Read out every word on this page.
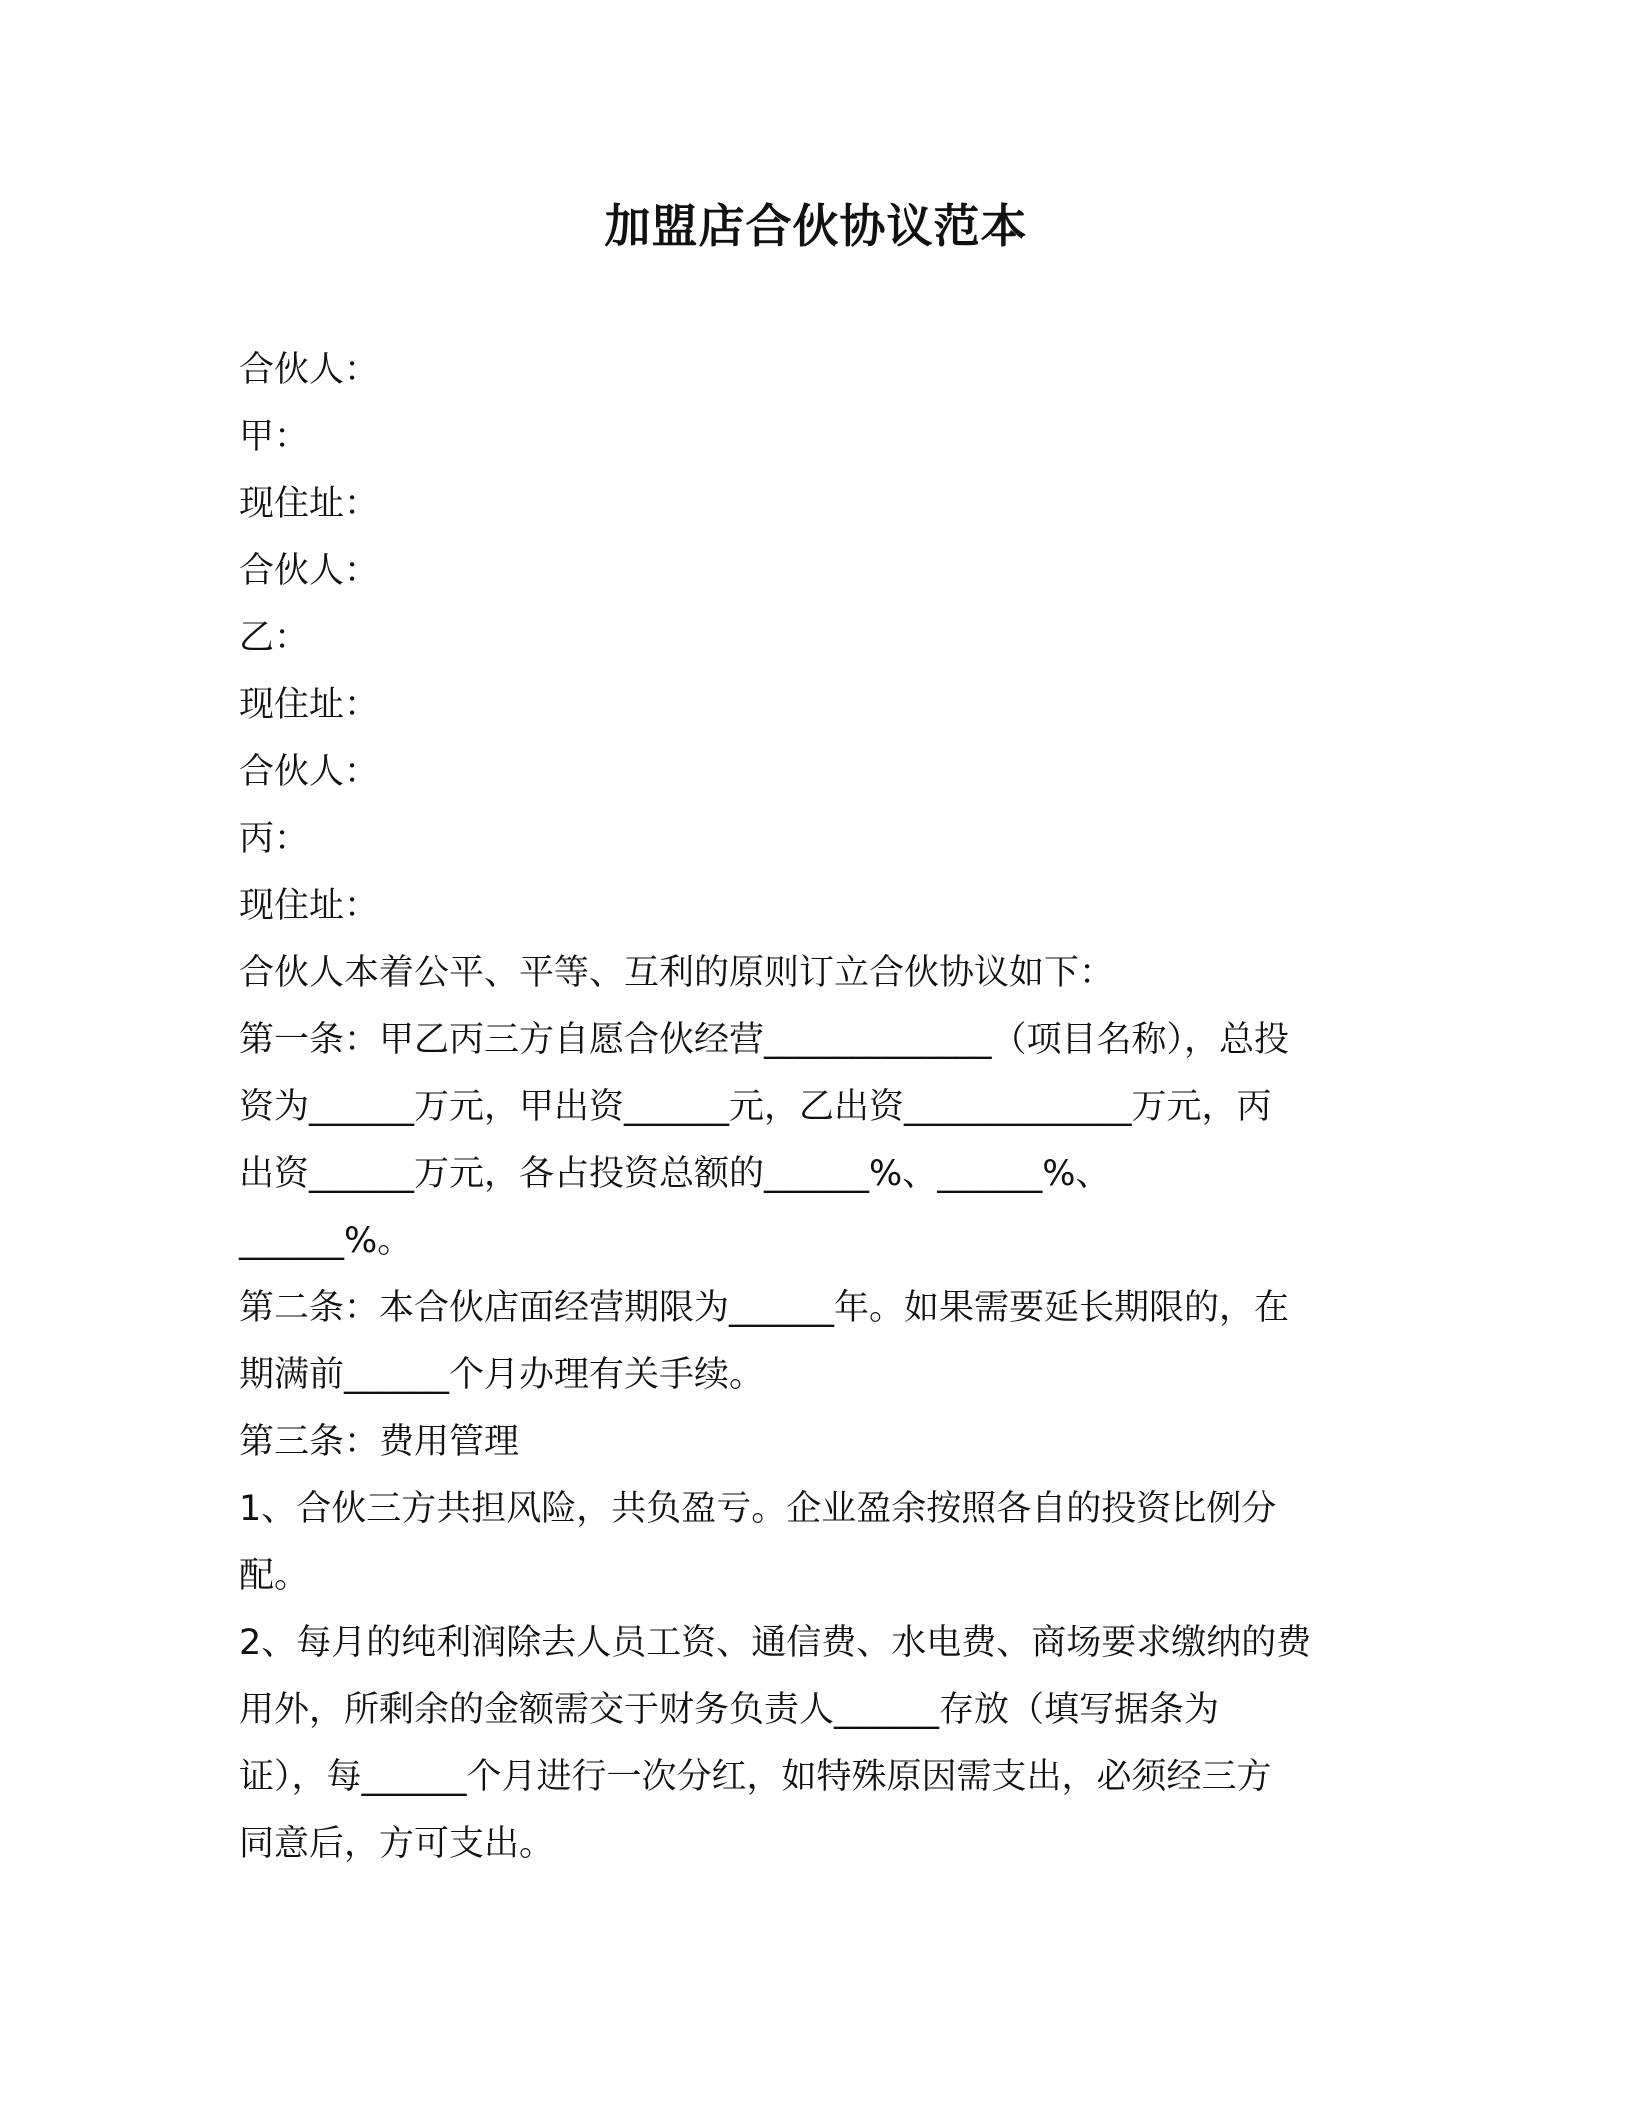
加盟店合伙协议范本
合伙人：
甲：
现住址：
合伙人：
乙：
现住址：
合伙人：
丙：
现住址：
合伙人本着公平、平等、互利的原则订立合伙协议如下：
第一条：甲乙丙三方自愿合伙经营_____________（项目名称），总投
资为______万元，甲出资______元，乙出资_____________万元，丙
出资______万元，各占投资总额的______%、______%、
______%。
第二条：本合伙店面经营期限为______年。如果需要延长期限的，在
期满前______个月办理有关手续。
第三条：费用管理
1、合伙三方共担风险，共负盈亏。企业盈余按照各自的投资比例分
配。
2、每月的纯利润除去人员工资、通信费、水电费、商场要求缴纳的费
用外，所剩余的金额需交于财务负责人______存放（填写据条为
证），每______个月进行一次分红，如特殊原因需支出，必须经三方
同意后，方可支出。
